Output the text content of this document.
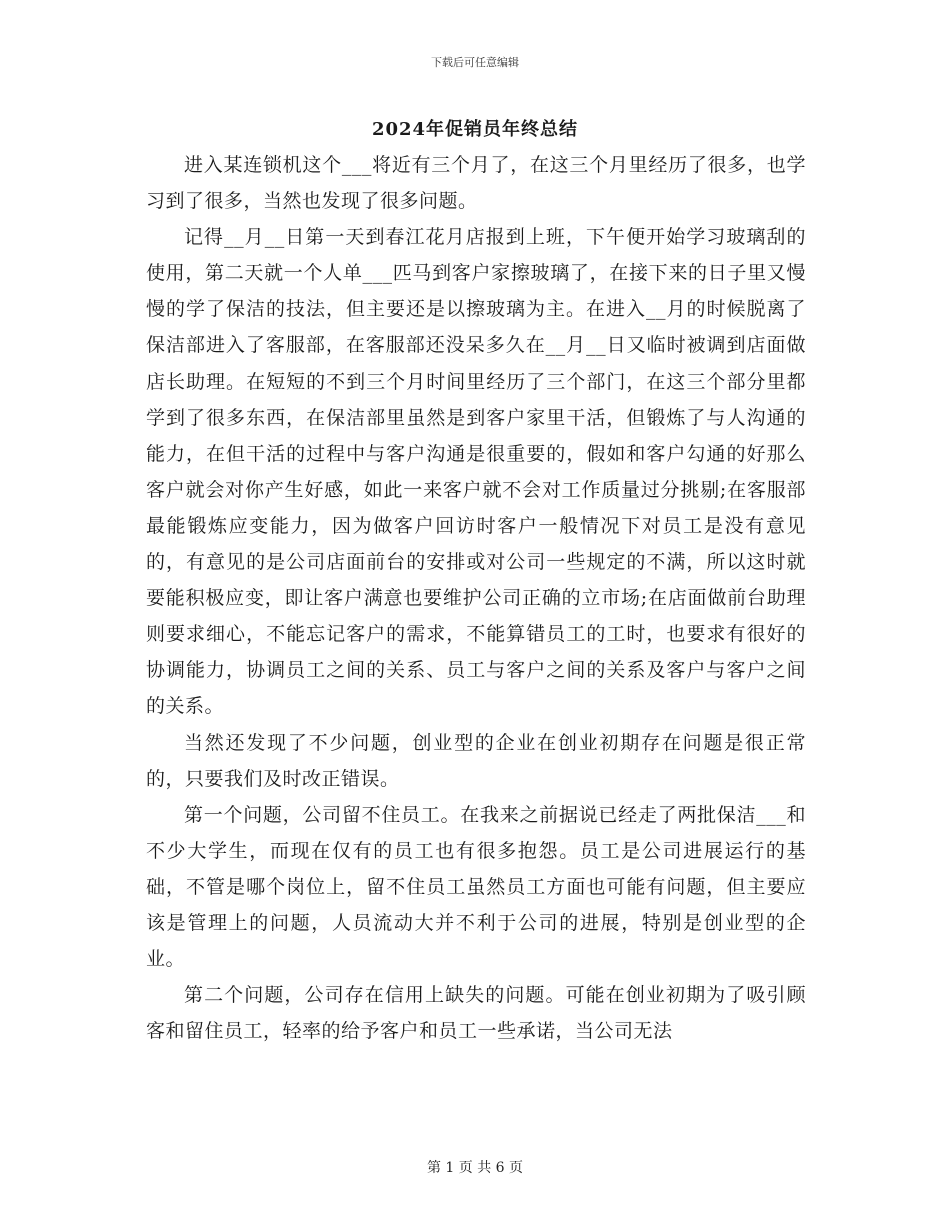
下载后可任意编辑
2024年促销员年终总结

进入某连锁机这个___将近有三个月了，在这三个月里经历了很多，也学习到了很多，当然也发现了很多问题。

记得__月__日第一天到春江花月店报到上班，下午便开始学习玻璃刮的使用，第二天就一个人单___匹马到客户家擦玻璃了，在接下来的日子里又慢慢的学了保洁的技法，但主要还是以擦玻璃为主。在进入__月的时候脱离了保洁部进入了客服部，在客服部还没呆多久在__月__日又临时被调到店面做店长助理。在短短的不到三个月时间里经历了三个部门，在这三个部分里都学到了很多东西，在保洁部里虽然是到客户家里干活，但锻炼了与人沟通的能力，在但干活的过程中与客户沟通是很重要的，假如和客户勾通的好那么客户就会对你产生好感，如此一来客户就不会对工作质量过分挑剔;在客服部最能锻炼应变能力，因为做客户回访时客户一般情况下对员工是没有意见的，有意见的是公司店面前台的安排或对公司一些规定的不满，所以这时就要能积极应变，即让客户满意也要维护公司正确的立市场;在店面做前台助理则要求细心，不能忘记客户的需求，不能算错员工的工时，也要求有很好的协调能力，协调员工之间的关系、员工与客户之间的关系及客户与客户之间的关系。

当然还发现了不少问题，创业型的企业在创业初期存在问题是很正常的，只要我们及时改正错误。

第一个问题，公司留不住员工。在我来之前据说已经走了两批保洁___和不少大学生，而现在仅有的员工也有很多抱怨。员工是公司进展运行的基础，不管是哪个岗位上，留不住员工虽然员工方面也可能有问题，但主要应该是管理上的问题，人员流动大并不利于公司的进展，特别是创业型的企业。

第二个问题，公司存在信用上缺失的问题。可能在创业初期为了吸引顾客和留住员工，轻率的给予客户和员工一些承诺，当公司无法

第 1 页 共 6 页
